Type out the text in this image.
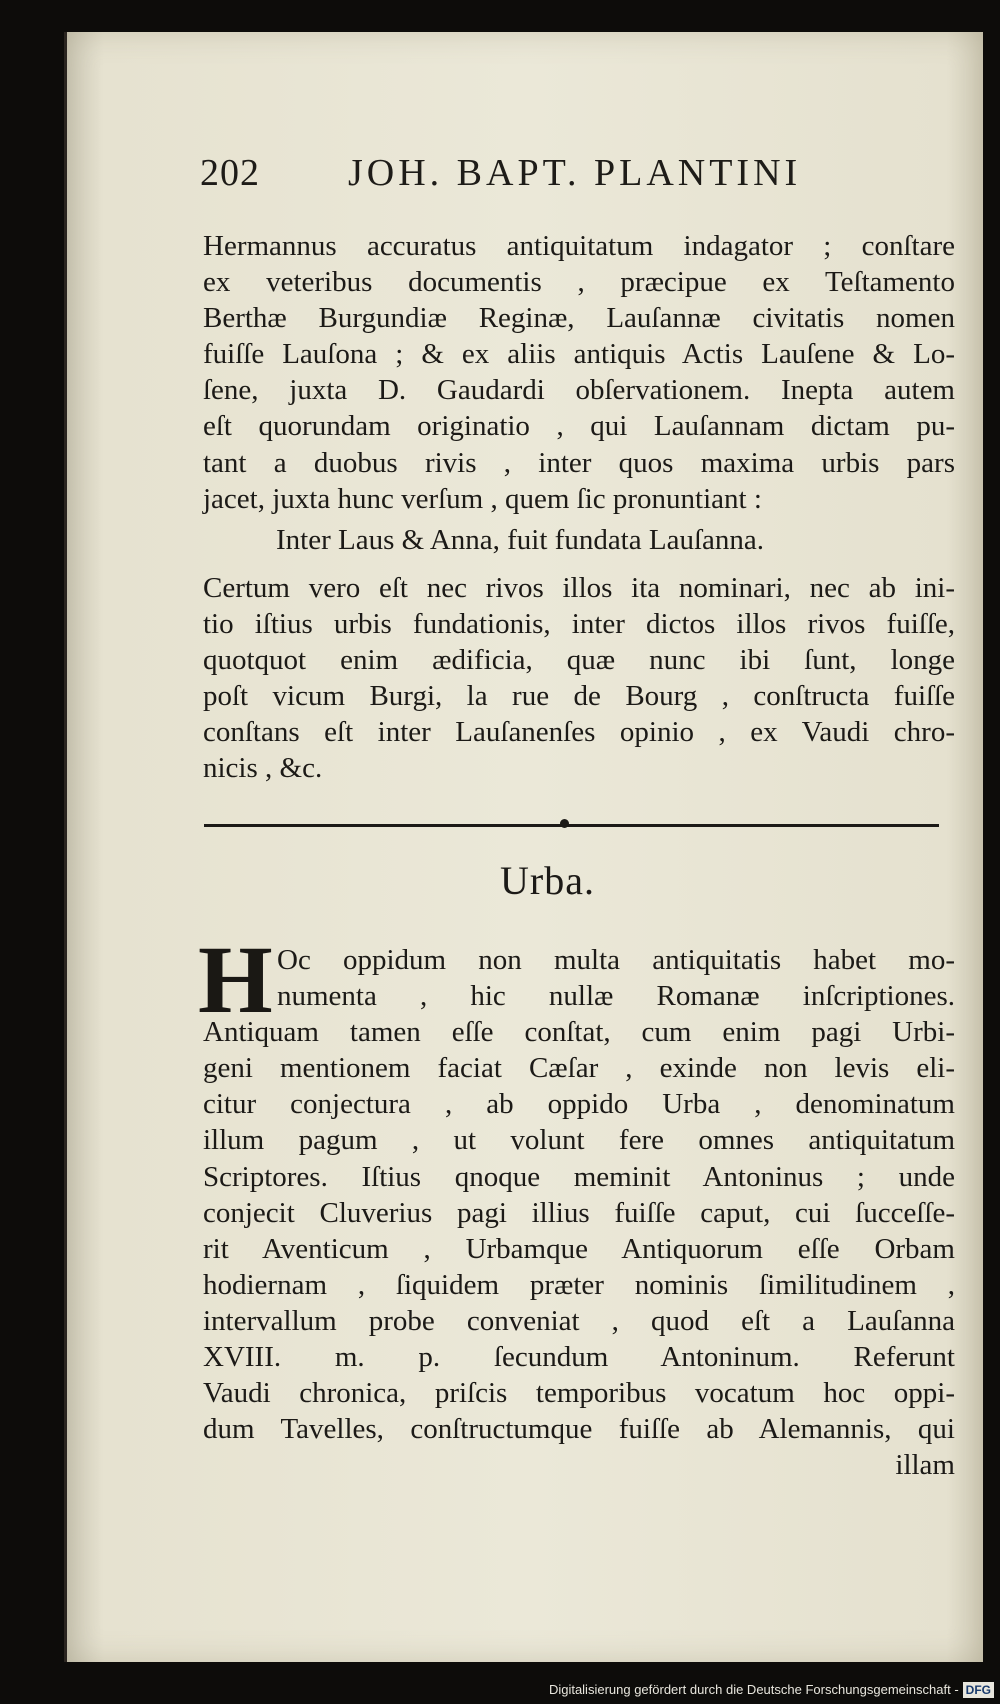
202 JOH. BAPT. PLANTINI
Hermannus accuratus antiquitatum indagator ; conſtare
ex veteribus documentis , præcipue ex Teſtamento
Berthæ Burgundiæ Reginæ, Lauſannæ civitatis nomen
fuiſſe Lauſona ; & ex aliis antiquis Actis Lauſene & Lo-
ſene, juxta D. Gaudardi obſervationem. Inepta autem
eſt quorundam originatio , qui Lauſannam dictam pu-
tant a duobus rivis , inter quos maxima urbis pars
jacet, juxta hunc verſum , quem ſic pronuntiant :
Inter Laus & Anna, fuit fundata Lauſanna.
Certum vero eſt nec rivos illos ita nominari, nec ab ini-
tio iſtius urbis fundationis, inter dictos illos rivos fuiſſe,
quotquot enim ædificia, quæ nunc ibi ſunt, longe
poſt vicum Burgi, la rue de Bourg , conſtructa fuiſſe
conſtans eſt inter Lauſanenſes opinio , ex Vaudi chro-
nicis , &c.
Urba.
H Oc oppidum non multa antiquitatis habet mo-
numenta , hic nullæ Romanæ inſcriptiones.
Antiquam tamen eſſe conſtat, cum enim pagi Urbi-
geni mentionem faciat Cæſar , exinde non levis eli-
citur conjectura , ab oppido Urba , denominatum
illum pagum , ut volunt fere omnes antiquitatum
Scriptores. Iſtius qnoque meminit Antoninus ; unde
conjecit Cluverius pagi illius fuiſſe caput, cui ſucceſſe-
rit Aventicum , Urbamque Antiquorum eſſe Orbam
hodiernam , ſiquidem præter nominis ſimilitudinem ,
intervallum probe conveniat , quod eſt a Lauſanna
XVIII. m. p. ſecundum Antoninum. Referunt
Vaudi chronica, priſcis temporibus vocatum hoc oppi-
dum Tavelles, conſtructumque fuiſſe ab Alemannis, qui
illam
Digitalisierung gefördert durch die Deutsche Forschungsgemeinschaft - DFG
